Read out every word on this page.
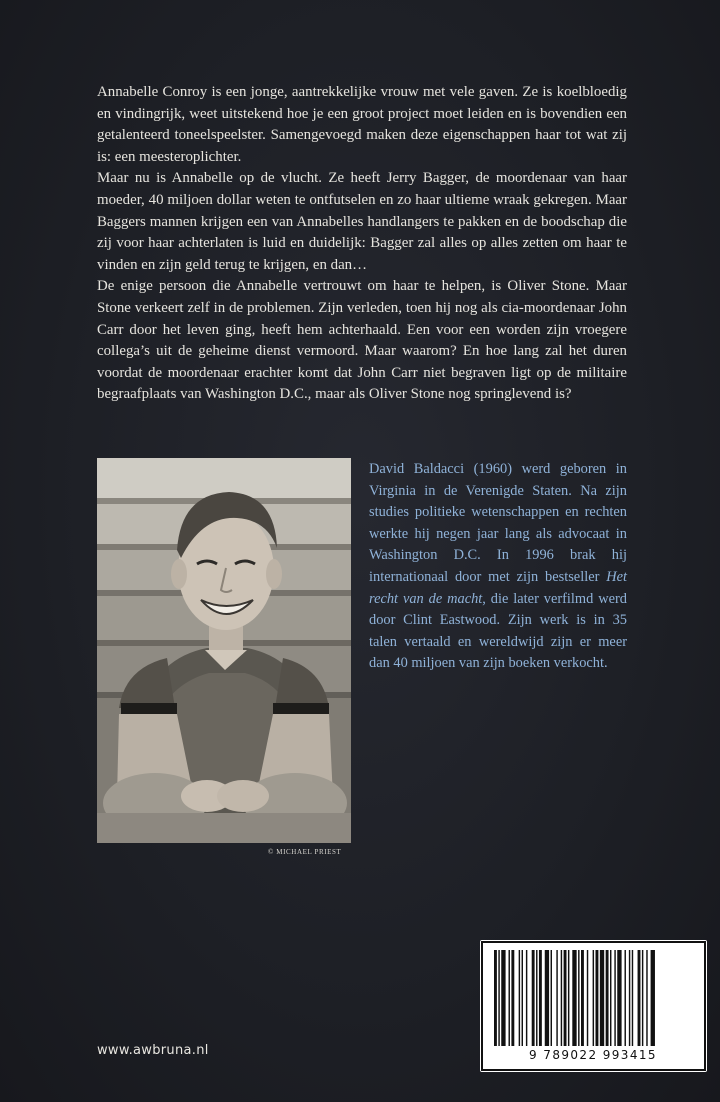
Annabelle Conroy is een jonge, aantrekkelijke vrouw met vele gaven. Ze is koelbloedig en vindingrijk, weet uitstekend hoe je een groot project moet leiden en is bovendien een getalenteerd toneelspeelster. Samengevoegd maken deze eigenschappen haar tot wat zij is: een meesteroplichter.

Maar nu is Annabelle op de vlucht. Ze heeft Jerry Bagger, de moordenaar van haar moeder, 40 miljoen dollar weten te ontfutselen en zo haar ultieme wraak gekregen. Maar Baggers mannen krijgen een van Annabelles handlangers te pakken en de boodschap die zij voor haar achterlaten is luid en duidelijk: Bagger zal alles op alles zetten om haar te vinden en zijn geld terug te krijgen, en dan…

De enige persoon die Annabelle vertrouwt om haar te helpen, is Oliver Stone. Maar Stone verkeert zelf in de problemen. Zijn verleden, toen hij nog als cia-moordenaar John Carr door het leven ging, heeft hem achterhaald. Een voor een worden zijn vroegere collega’s uit de geheime dienst vermoord. Maar waarom? En hoe lang zal het duren voordat de moordenaar erachter komt dat John Carr niet begraven ligt op de militaire begraafplaats van Washington D.C., maar als Oliver Stone nog springlevend is?

© MICHAEL PRIEST

David Baldacci (1960) werd geboren in Virginia in de Verenigde Staten. Na zijn studies politieke wetenschappen en rechten werkte hij negen jaar lang als advocaat in Washington D.C. In 1996 brak hij internationaal door met zijn bestseller Het recht van de macht, die later verfilmd werd door Clint Eastwood. Zijn werk is in 35 talen vertaald en wereldwijd zijn er meer dan 40 miljoen van zijn boeken verkocht.

9 789022 993415
www.awbruna.nl
